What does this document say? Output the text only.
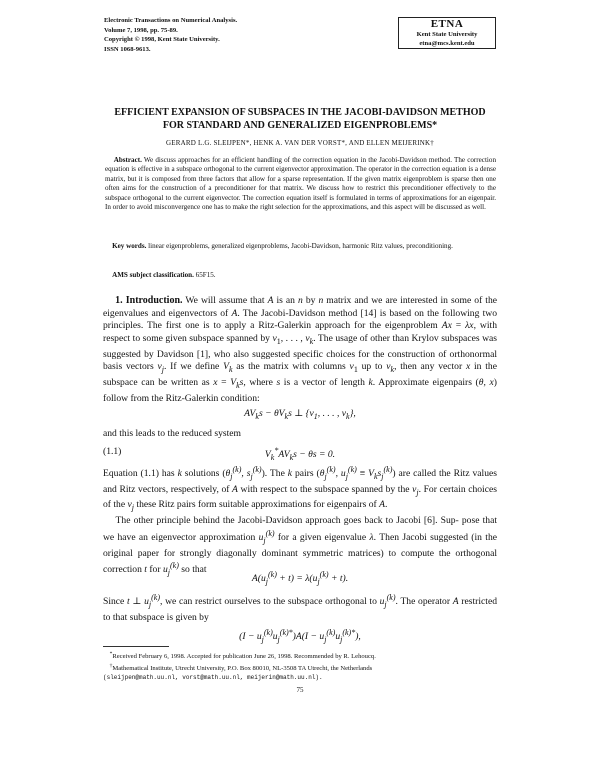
Electronic Transactions on Numerical Analysis.
Volume 7, 1998, pp. 75-89.
Copyright © 1998, Kent State University.
ISSN 1068-9613.
ETNA
Kent State University
etna@mcs.kent.edu
EFFICIENT EXPANSION OF SUBSPACES IN THE JACOBI-DAVIDSON METHOD
FOR STANDARD AND GENERALIZED EIGENPROBLEMS*
GERARD L.G. SLEIJPEN*, HENK A. VAN DER VORST*, AND ELLEN MEIJERINK†
Abstract. We discuss approaches for an efficient handling of the correction equation in the Jacobi-Davidson method. The correction equation is effective in a subspace orthogonal to the current eigenvector approximation. The operator in the correction equation is a dense matrix, but it is composed from three factors that allow for a sparse representation. If the given matrix eigenproblem is sparse then one often aims for the construction of a preconditioner for that matrix. We discuss how to restrict this preconditioner effectively to the subspace orthogonal to the current eigenvector. The correction equation itself is formulated in terms of approximations for an eigenpair. In order to avoid misconvergence one has to make the right selection for the approximations, and this aspect will be discussed as well.
Key words. linear eigenproblems, generalized eigenproblems, Jacobi-Davidson, harmonic Ritz values, preconditioning.
AMS subject classification. 65F15.
1. Introduction. We will assume that A is an n by n matrix and we are interested in some of the eigenvalues and eigenvectors of A. The Jacobi-Davidson method [14] is based on the following two principles. The first one is to apply a Ritz-Galerkin approach for the eigenproblem Ax = λx, with respect to some given subspace spanned by $v_1$, . . . , $v_k$. The usage of other than Krylov subspaces was suggested by Davidson [1], who also suggested specific choices for the construction of orthonormal basis vectors $v_j$. If we define $V_k$ as the matrix with columns $v_1$ up to $v_k$, then any vector x in the subspace can be written as $x = V_ks$, where s is a vector of length k. Approximate eigenpairs (θ, x) follow from the Ritz-Galerkin condition:
$AV_ks - \theta V_ks$ ⊥ {$v_1$, . . . , $v_k$},
and this leads to the reduced system
(1.1)	$V_k^*AV_ks - \theta s = 0$.
Equation (1.1) has k solutions ($\theta_j^{(k)}$, $s_j^{(k)}$). The k pairs ($\theta_j^{(k)}$, $u_j^{(k)} \equiv V_ks_j^{(k)}$) are called the Ritz values and Ritz vectors, respectively, of A with respect to the subspace spanned by the $v_j$. For certain choices of the $v_j$ these Ritz pairs form suitable approximations for eigenpairs of A.
The other principle behind the Jacobi-Davidson approach goes back to Jacobi [6]. Sup- pose that we have an eigenvector approximation $u_j^{(k)}$ for a given eigenvalue λ. Then Jacobi suggested (in the original paper for strongly diagonally dominant symmetric matrices) to compute the orthogonal correction t for $u_j^{(k)}$ so that
$A(u_j^{(k)} + t) = \lambda(u_j^{(k)} + t)$.
Since t ⊥ $u_j^{(k)}$, we can restrict ourselves to the subspace orthogonal to $u_j^{(k)}$. The operator A restricted to that subspace is given by
$(I - u_j^{(k)}u_j^{(k)*})A(I - u_j^{(k)}u_j^{(k)*})$,
*Received February 6, 1998. Accepted for publication June 26, 1998. Recommended by R. Lehoucq.
†Mathematical Institute, Utrecht University, P.O. Box 80010, NL-3508 TA Utrecht, the Netherlands
(sleijpen@math.uu.nl, vorst@math.uu.nl, meijerin@math.uu.nl).
75
